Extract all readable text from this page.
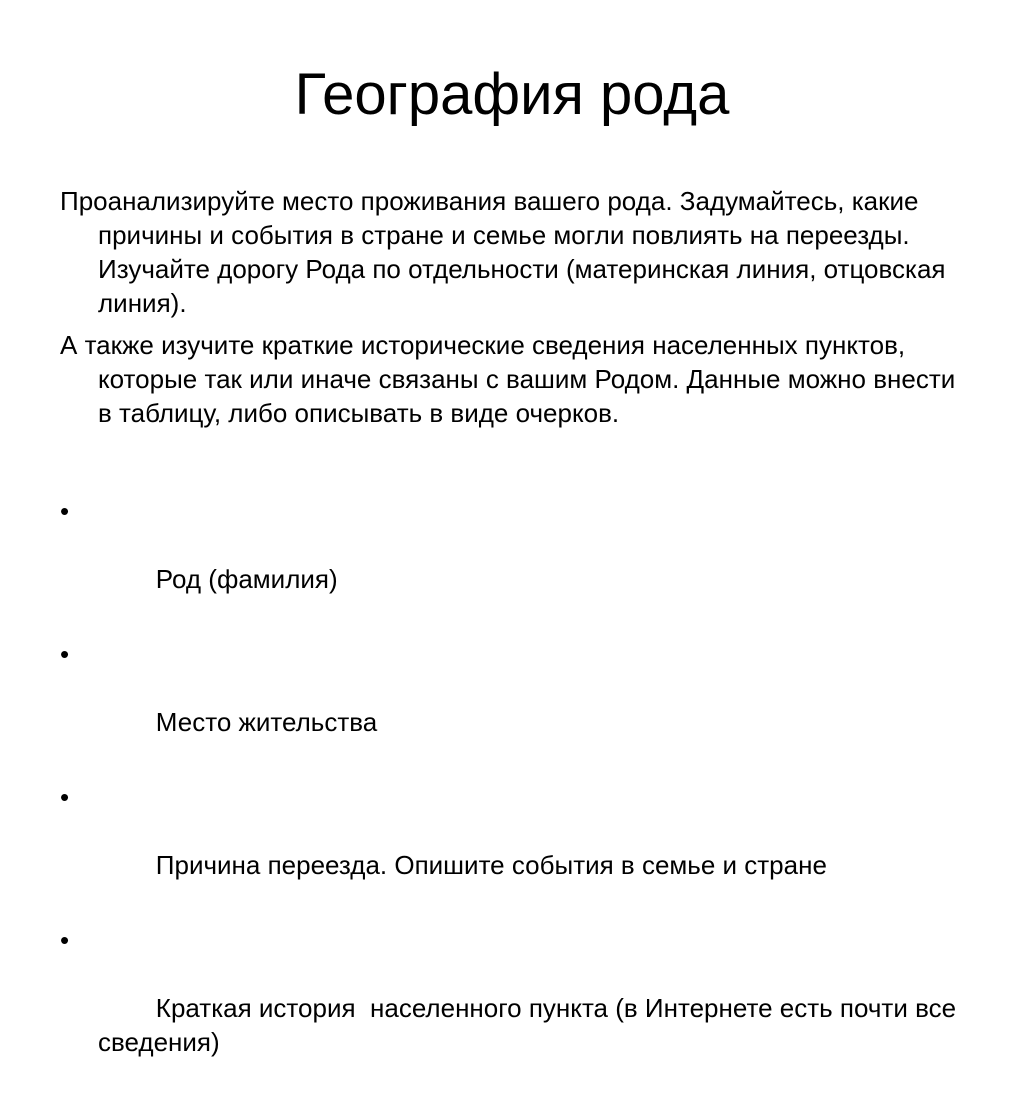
География рода

Проанализируйте место проживания вашего рода. Задумайтесь, какие причины и события в стране и семье могли повлиять на переезды. Изучайте дорогу Рода по отдельности (материнская линия, отцовская линия).

А также изучите краткие исторические сведения населенных пунктов, которые так или иначе связаны с вашим Родом. Данные можно внести в таблицу, либо описывать в виде очерков.

•

Род (фамилия)

•

Место жительства

•

Причина переезда. Опишите события в семье и стране

•

Краткая история  населенного пункта (в Интернете есть почти все сведения)
